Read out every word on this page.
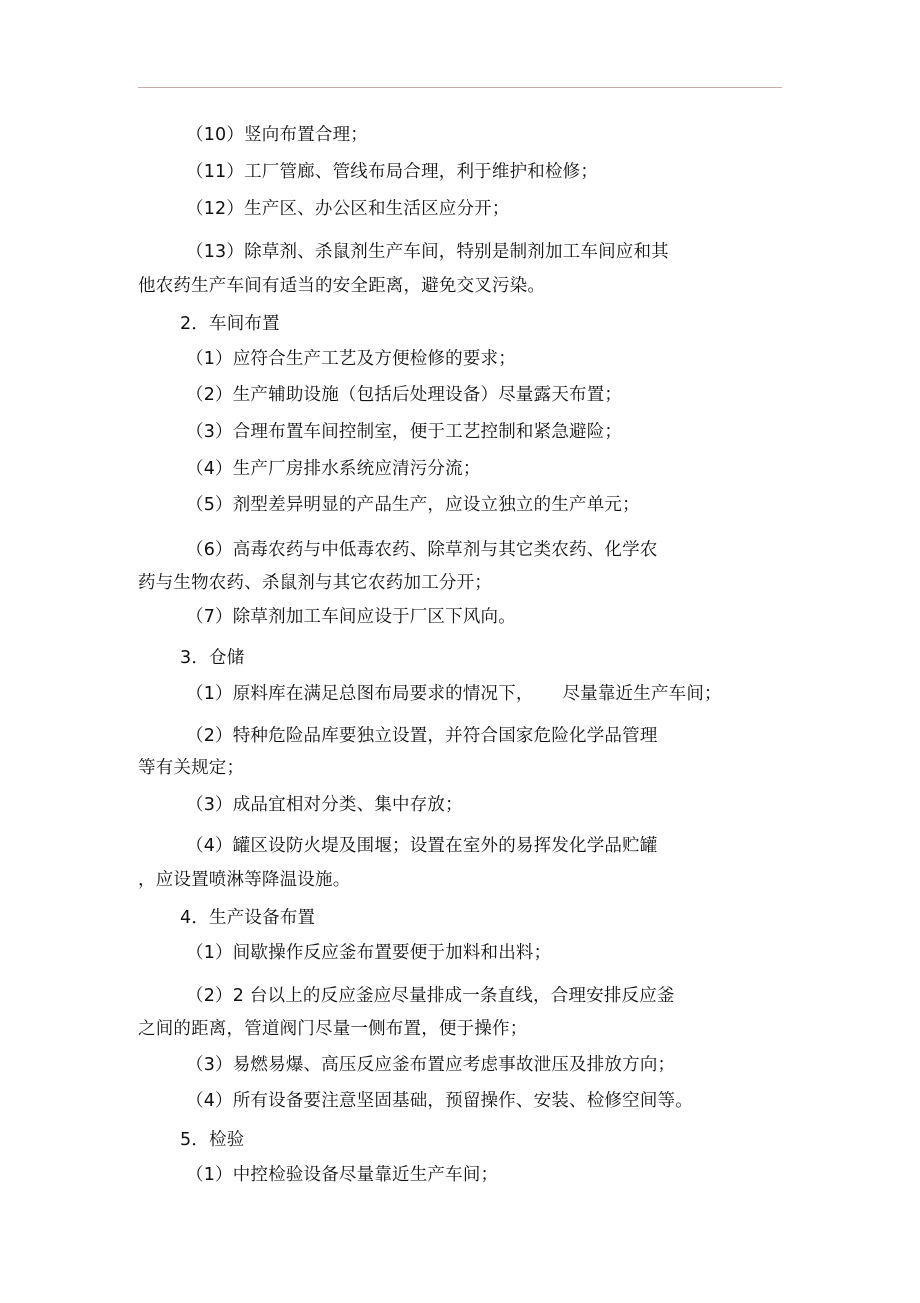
（10）竖向布置合理；
（11）工厂管廊、管线布局合理，利于维护和检修；
（12）生产区、办公区和生活区应分开；
（13）除草剂、杀鼠剂生产车间，特别是制剂加工车间应和其
他农药生产车间有适当的安全距离，避免交叉污染。
2．车间布置
（1）应符合生产工艺及方便检修的要求；
（2）生产辅助设施（包括后处理设备）尽量露天布置；
（3）合理布置车间控制室，便于工艺控制和紧急避险；
（4）生产厂房排水系统应清污分流；
（5）剂型差异明显的产品生产，应设立独立的生产单元；
（6）高毒农药与中低毒农药、除草剂与其它类农药、化学农
药与生物农药、杀鼠剂与其它农药加工分开；
（7）除草剂加工车间应设于厂区下风向。
3．仓储
（1）原料库在满足总图布局要求的情况下，     尽量靠近生产车间；
（2）特种危险品库要独立设置，并符合国家危险化学品管理
等有关规定；
（3）成品宜相对分类、集中存放；
（4）罐区设防火堤及围堰；设置在室外的易挥发化学品贮罐
，应设置喷淋等降温设施。
4．生产设备布置
（1）间歇操作反应釜布置要便于加料和出料；
（2）2 台以上的反应釜应尽量排成一条直线，合理安排反应釜
之间的距离，管道阀门尽量一侧布置，便于操作；
（3）易燃易爆、高压反应釜布置应考虑事故泄压及排放方向；
（4）所有设备要注意坚固基础，预留操作、安装、检修空间等。
5．检验
（1）中控检验设备尽量靠近生产车间；
